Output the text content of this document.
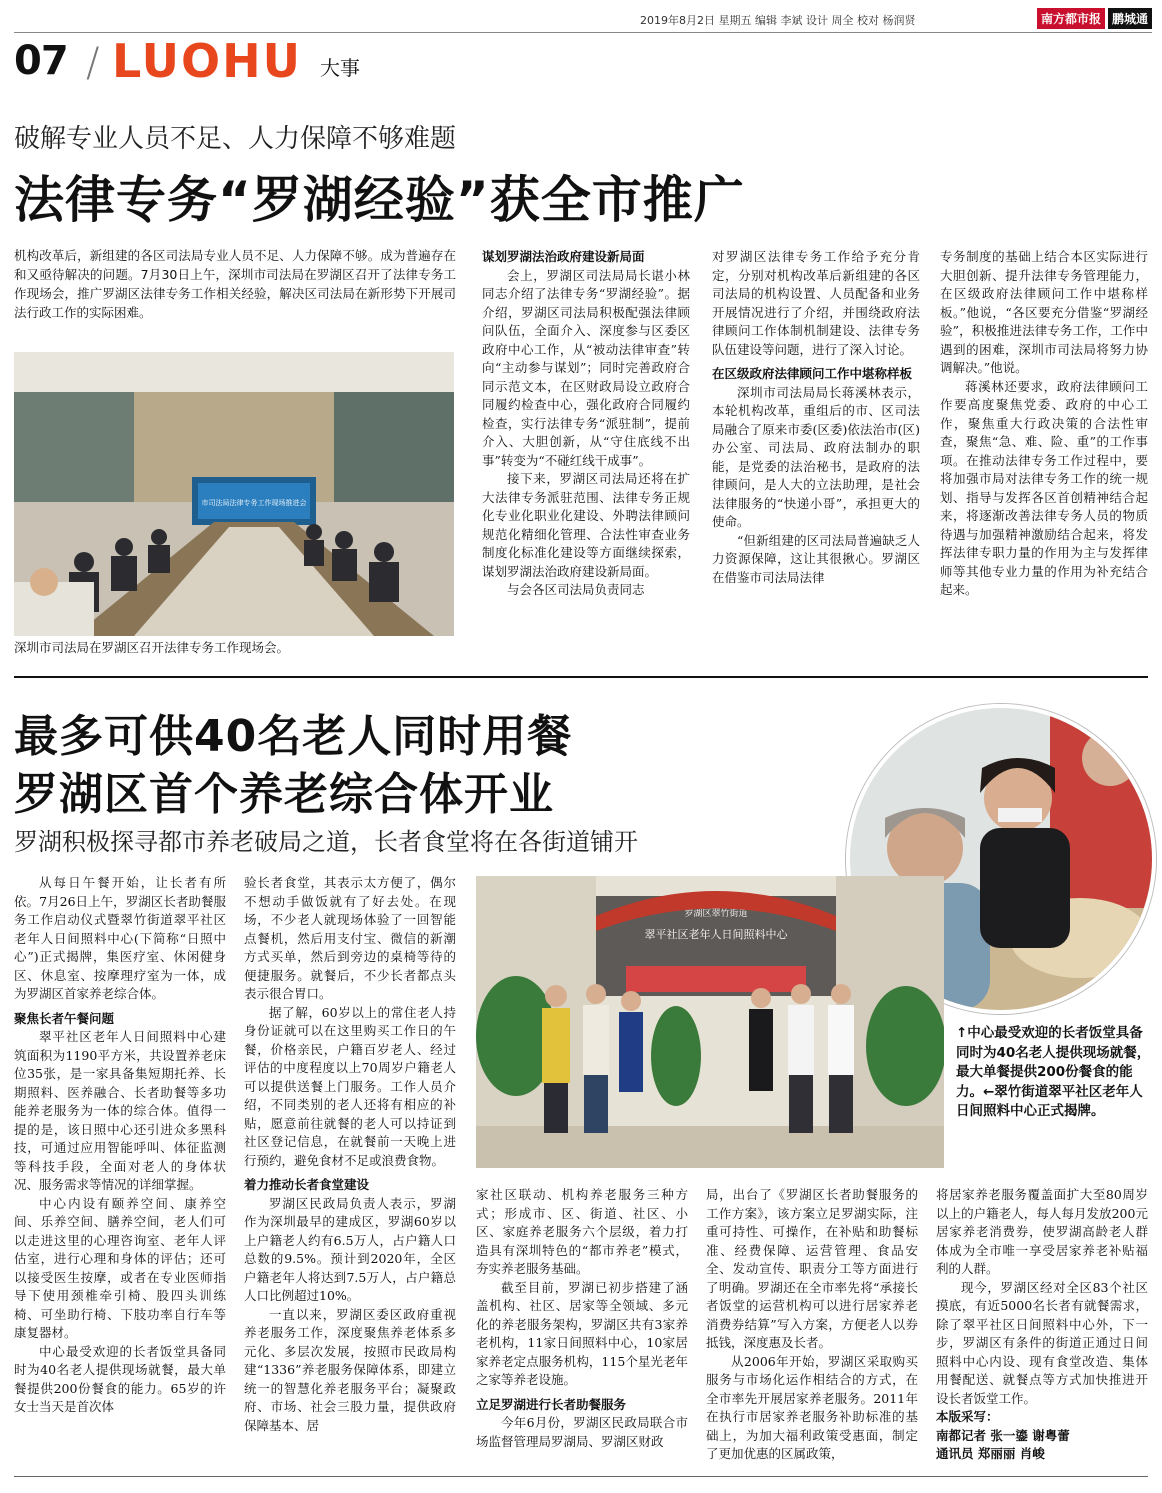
2019年8月2日 星期五 编辑 李斌 设计 周全 校对 杨润贤	南方都市报 鹏城通
07 / LUOHU 大事
破解专业人员不足、人力保障不够难题
法律专务“罗湖经验”获全市推广
机构改革后，新组建的各区司法局专业人员不足、人力保障不够。成为普遍存在和又亟待解决的问题。7月30日上午，深圳市司法局在罗湖区召开了法律专务工作现场会，推广罗湖区法律专务工作相关经验，解决区司法局在新形势下开展司法行政工作的实际困难。
市司法局法律专务工作现场推进会
深圳市司法局在罗湖区召开法律专务工作现场会。

谋划罗湖法治政府建设新局面

会上，罗湖区司法局局长谌小林同志介绍了法律专务“罗湖经验”。据介绍，罗湖区司法局积极配强法律顾问队伍，全面介入、深度参与区委区政府中心工作，从“被动法律审查”转向“主动参与谋划”；同时完善政府合同示范文本，在区财政局设立政府合同履约检查中心，强化政府合同履约检查，实行法律专务“派驻制”，提前介入、大胆创新，从“守住底线不出事”转变为“不碰红线干成事”。

接下来，罗湖区司法局还将在扩大法律专务派驻范围、法律专务正规化专业化职业化建设、外聘法律顾问规范化精细化管理、合法性审查业务制度化标准化建设等方面继续探索，谋划罗湖法治政府建设新局面。

与会各区司法局负责同志

对罗湖区法律专务工作给予充分肯定，分别对机构改革后新组建的各区司法局的机构设置、人员配备和业务开展情况进行了介绍，并围绕政府法律顾问工作体制机制建设、法律专务队伍建设等问题，进行了深入讨论。

在区级政府法律顾问工作中堪称样板

深圳市司法局局长蒋溪林表示，本轮机构改革，重组后的市、区司法局融合了原来市委(区委)依法治市(区)办公室、司法局、政府法制办的职能，是党委的法治秘书，是政府的法律顾问，是人大的立法助理，是社会法律服务的“快递小哥”，承担更大的使命。

“但新组建的区司法局普遍缺乏人力资源保障，这让其很揪心。罗湖区在借鉴市司法局法律

专务制度的基础上结合本区实际进行大胆创新、提升法律专务管理能力，在区级政府法律顾问工作中堪称样板。”他说，“各区要充分借鉴“罗湖经验”，积极推进法律专务工作，工作中遇到的困难，深圳市司法局将努力协调解决。”他说。

蒋溪林还要求，政府法律顾问工作要高度聚焦党委、政府的中心工作，聚焦重大行政决策的合法性审查，聚焦“急、难、险、重”的工作事项。在推动法律专务工作过程中，要将加强市局对法律专务工作的统一规划、指导与发挥各区首创精神结合起来，将逐渐改善法律专务人员的物质待遇与加强精神激励结合起来，将发挥法律专职力量的作用为主与发挥律师等其他专业力量的作用为补充结合起来。

最多可供40名老人同时用餐
罗湖区首个养老综合体开业
罗湖积极探寻都市养老破局之道，长者食堂将在各街道铺开
罗湖区翠竹街道
翠平社区老年人日间照料中心
↑中心最受欢迎的长者饭堂具备同时为40名老人提供现场就餐，最大单餐提供200份餐食的能力。←翠竹街道翠平社区老年人日间照料中心正式揭牌。

从每日午餐开始，让长者有所依。7月26日上午，罗湖区长者助餐服务工作启动仪式暨翠竹街道翠平社区老年人日间照料中心(下简称“日照中心”)正式揭牌，集医疗室、休闲健身区、休息室、按摩理疗室为一体，成为罗湖区首家养老综合体。

聚焦长者午餐问题

翠平社区老年人日间照料中心建筑面积为1190平方米，共设置养老床位35张，是一家具备集短期托养、长期照料、医养融合、长者助餐等多功能养老服务为一体的综合体。值得一提的是，该日照中心还引进众多黑科技，可通过应用智能呼叫、体征监测等科技手段，全面对老人的身体状况、服务需求等情况的详细掌握。

中心内设有颐养空间、康养空间、乐养空间、膳养空间，老人们可以走进这里的心理咨询室、老年人评估室，进行心理和身体的评估；还可以接受医生按摩，或者在专业医师指导下使用颈椎牵引椅、股四头训练椅、可坐助行椅、下肢功率自行车等康复器材。

中心最受欢迎的长者饭堂具备同时为40名老人提供现场就餐，最大单餐提供200份餐食的能力。65岁的许女士当天是首次体

验长者食堂，其表示太方便了，偶尔不想动手做饭就有了好去处。在现场，不少老人就现场体验了一回智能点餐机，然后用支付宝、微信的新潮方式买单，然后到旁边的桌椅等待的便捷服务。就餐后，不少长者都点头表示很合胃口。

据了解，60岁以上的常住老人持身份证就可以在这里购买工作日的午餐，价格亲民，户籍百岁老人、经过评估的中度程度以上70周岁户籍老人可以提供送餐上门服务。工作人员介绍，不同类别的老人还将有相应的补贴，愿意前往就餐的老人可以持证到社区登记信息，在就餐前一天晚上进行预约，避免食材不足或浪费食物。

着力推动长者食堂建设

罗湖区民政局负责人表示，罗湖作为深圳最早的建成区，罗湖60岁以上户籍老人约有6.5万人，占户籍人口总数的9.5%。预计到2020年，全区户籍老年人将达到7.5万人，占户籍总人口比例超过10%。

一直以来，罗湖区委区政府重视养老服务工作，深度聚焦养老体系多元化、多层次发展，按照市民政局构建“1336”养老服务保障体系，即建立统一的智慧化养老服务平台；凝聚政府、市场、社会三股力量，提供政府保障基本、居

家社区联动、机构养老服务三种方式；形成市、区、街道、社区、小区、家庭养老服务六个层级，着力打造具有深圳特色的“都市养老”模式，夯实养老服务基础。

截至目前，罗湖已初步搭建了涵盖机构、社区、居家等全领域、多元化的养老服务架构，罗湖区共有3家养老机构，11家日间照料中心，10家居家养老定点服务机构，115个星光老年之家等养老设施。

立足罗湖进行长者助餐服务

今年6月份，罗湖区民政局联合市场监督管理局罗湖局、罗湖区财政

局，出台了《罗湖区长者助餐服务的工作方案》，该方案立足罗湖实际，注重可持性、可操作，在补贴和助餐标准、经费保障、运营管理、食品安全、发动宣传、职责分工等方面进行了明确。罗湖还在全市率先将“承接长者饭堂的运营机构可以进行居家养老消费券结算”写入方案，方便老人以券抵钱，深度惠及长者。

从2006年开始，罗湖区采取购买服务与市场化运作相结合的方式，在全市率先开展居家养老服务。2011年在执行市居家养老服务补助标准的基础上，为加大福利政策受惠面，制定了更加优惠的区属政策，

将居家养老服务覆盖面扩大至80周岁以上的户籍老人，每人每月发放200元居家养老消费券，使罗湖高龄老人群体成为全市唯一享受居家养老补贴福利的人群。

现今，罗湖区经对全区83个社区摸底，有近5000名长者有就餐需求，除了翠平社区日间照料中心外，下一步，罗湖区有条件的街道正通过日间照料中心内设、现有食堂改造、集体用餐配送、就餐点等方式加快推进开设长者饭堂工作。

本版采写：

南都记者 张一鎏 谢粤蕾

通讯员 郑丽丽 肖峻
